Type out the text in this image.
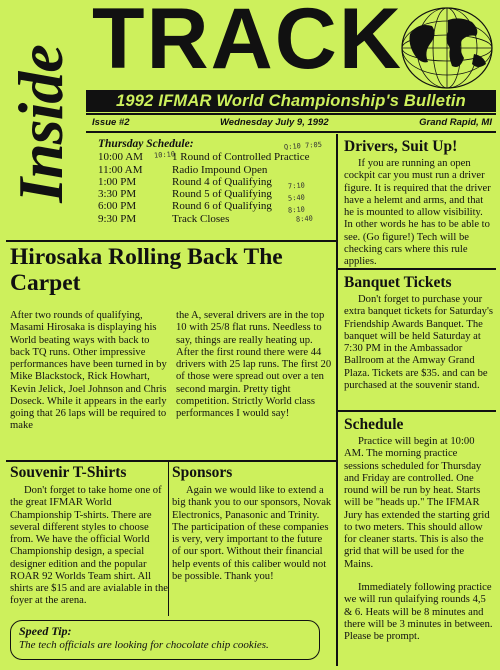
Inside
TRACK
1992 IFMAR World Championship's Bulletin
Issue #2	Wednesday July 9, 1992	Grand Rapid, MI
Thursday Schedule:
10:00 AM	1 Round of Controlled Practice
11:00 AM	Radio Impound Open
1:00 PM	Round 4 of Qualifying
3:30 PM	Round 5 of Qualifying
6:00 PM	Round 6 of Qualifying
9:30 PM	Track Closes
10:10
Q:10 7:05
7:10
5:40
8:10
8:40
Hirosaka Rolling Back The Carpet
After two rounds of qualifying, Masami Hirosaka is displaying his World beating ways with back to back TQ runs. Other impressive performances have been turned in by Mike Blackstock, Rick Howhart, Kevin Jelick, Joel Johnson and Chris Doseck. While it appears in the early going that 26 laps will be required to make
the A, several drivers are in the top 10 with 25/8 flat runs. Needless to say, things are really heating up. After the first round there were 44 drivers with 25 lap runs. The first 20 of those were spread out over a ten second margin. Pretty tight competition. Strictly World class performances I would say!
Souvenir T-Shirts
Don't forget to take home one of the great IFMAR World Championship T-shirts. There are several different styles to choose from. We have the official World Championship design, a special designer edition and the popular ROAR 92 Worlds Team shirt. All shirts are $15 and are avialable in the foyer at the arena.
Sponsors
Again we would like to extend a big thank you to our sponsors, Novak Electronics, Panasonic and Trinity. The participation of these companies is very, very important to the future of our sport. Without their financial help events of this caliber would not be possible. Thank you!
Speed Tip:
The tech officials are looking for chocolate chip cookies.
Drivers, Suit Up!
If you are running an open cockpit car you must run a driver figure. It is required that the driver have a helemt and arms, and that he is mounted to allow visibility. In other words he has to be able to see. (Go figure!) Tech will be checking cars where this rule applies.
Banquet Tickets
Don't forget to purchase your extra banquet tickets for Saturday's Friendship Awards Banquet. The banquet will be held Saturday at 7:30 PM in the Ambassador Ballroom at the Amway Grand Plaza. Tickets are $35. and can be purchased at the souvenir stand.
Schedule
Practice will begin at 10:00 AM. The morning practice sessions scheduled for Thursday and Friday are controlled. One round will be run by heat. Starts will be "heads up." The IFMAR Jury has extended the starting grid to two meters. This should allow for cleaner starts. This is also the grid that will be used for the Mains.
Immediately following practice we will run qulaifying rounds 4,5 & 6. Heats will be 8 minutes and there will be 3 minutes in between. Please be prompt.
